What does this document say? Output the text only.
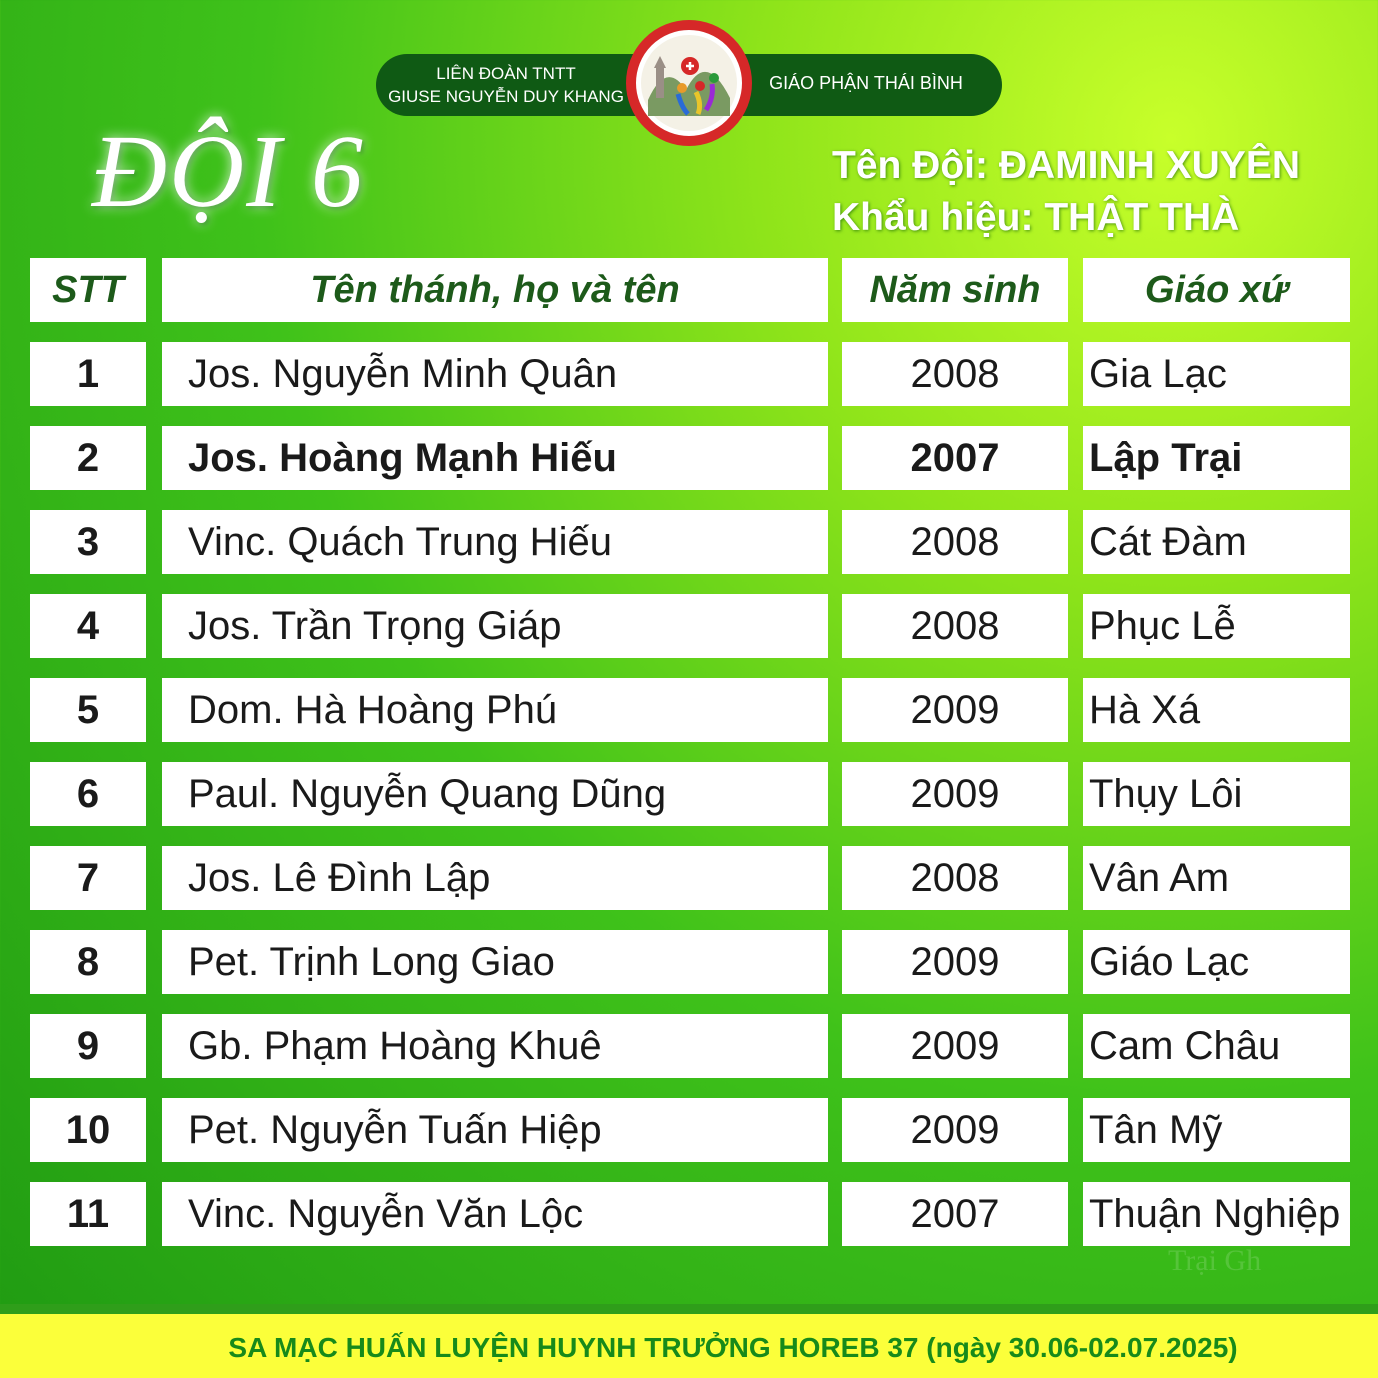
LIÊN ĐOÀN TNTT
GIUSE NGUYỄN DUY KHANG
GIÁO PHẬN THÁI BÌNH
ĐỘI 6	Tên Đội: ĐAMINH XUYÊN
Khẩu hiệu: THẬT THÀ
STT	Tên thánh, họ và tên	Năm sinh	Giáo xứ
1	Jos. Nguyễn Minh Quân	2008	Gia Lạc
2	Jos. Hoàng Mạnh Hiếu	2007	Lập Trại
3	Vinc. Quách Trung Hiếu	2008	Cát Đàm
4	Jos. Trần Trọng Giáp	2008	Phục Lễ
5	Dom. Hà Hoàng Phú	2009	Hà Xá
6	Paul. Nguyễn Quang Dũng	2009	Thụy Lôi
7	Jos. Lê Đình Lập	2008	Vân Am
8	Pet. Trịnh Long Giao	2009	Giáo Lạc
9	Gb. Phạm Hoàng Khuê	2009	Cam Châu
10	Pet. Nguyễn Tuấn Hiệp	2009	Tân Mỹ
11	Vinc. Nguyễn Văn Lộc	2007	Thuận Nghiệp
Trại Gh
SA MẠC HUẤN LUYỆN HUYNH TRƯỞNG HOREB 37 (ngày 30.06-02.07.2025)
